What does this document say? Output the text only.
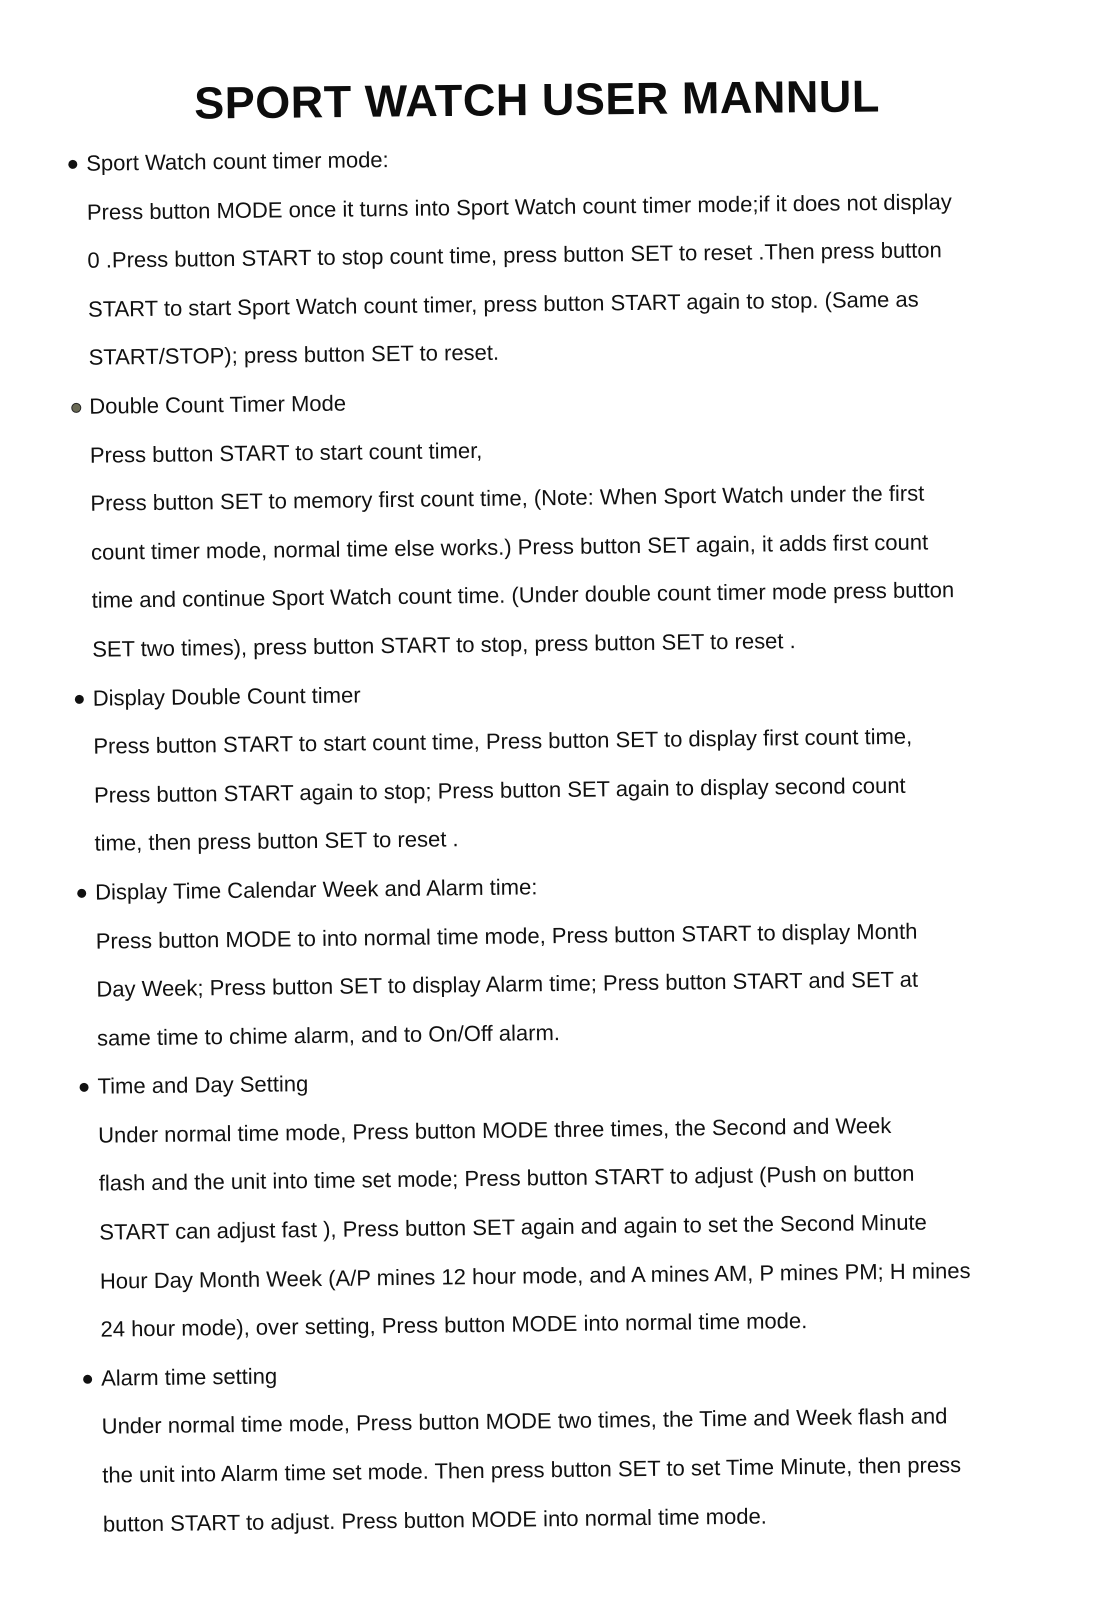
SPORT WATCH USER MANNUL
Sport Watch count timer mode:
Press button MODE once it turns into Sport Watch count timer mode;if it does not display
0 .Press button START to stop count time, press button SET to reset .Then press button
START to start Sport Watch count timer, press button START again to stop. (Same as
START/STOP); press button SET to reset.
Double Count Timer Mode
Press button START to start count timer,
Press button SET to memory first count time, (Note: When Sport Watch under the first
count timer mode, normal time else works.) Press button SET again, it adds first count
time and continue Sport Watch count time. (Under double count timer mode press button
SET two times), press button START to stop, press button SET to reset .
Display Double Count timer
Press button START to start count time, Press button SET to display first count time,
Press button START again to stop; Press button SET again to display second count
time, then press button SET to reset .
Display Time Calendar Week and Alarm time:
Press button MODE to into normal time mode, Press button START to display Month
Day Week; Press button SET to display Alarm time; Press button START and SET at
same time to chime alarm, and to On/Off alarm.
Time and Day Setting
Under normal time mode, Press button MODE three times, the Second and Week
flash and the unit into time set mode; Press button START to adjust (Push on button
START can adjust fast ), Press button SET again and again to set the Second Minute
Hour Day Month Week (A/P mines 12 hour mode, and A mines AM, P mines PM; H mines
24 hour mode), over setting, Press button MODE into normal time mode.
Alarm time setting
Under normal time mode, Press button MODE two times, the Time and Week flash and
the unit into Alarm time set mode. Then press button SET to set Time Minute, then press
button START to adjust. Press button MODE into normal time mode.
